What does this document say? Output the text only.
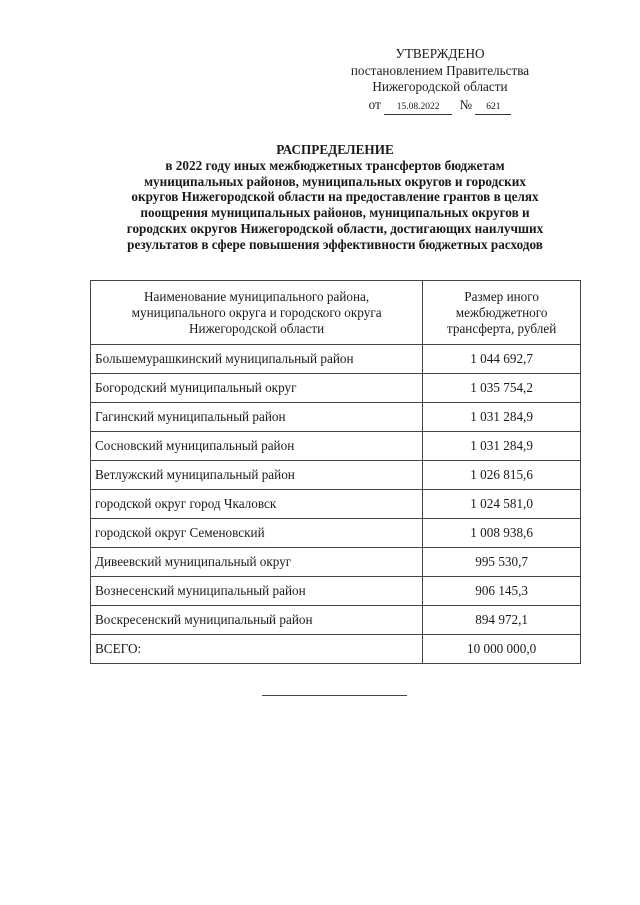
УТВЕРЖДЕНО
постановлением Правительства
Нижегородской области
от 15.08.2022 № 621
РАСПРЕДЕЛЕНИЕ
в 2022 году иных межбюджетных трансфертов бюджетам
муниципальных районов, муниципальных округов и городских
округов Нижегородской области на предоставление грантов в целях
поощрения муниципальных районов, муниципальных округов и
городских округов Нижегородской области, достигающих наилучших
результатов в сфере повышения эффективности бюджетных расходов
Наименование муниципального района,
муниципального округа и городского округа
Нижегородской области	Размер иного
межбюджетного
трансферта, рублей
Большемурашкинский муниципальный район	1 044 692,7
Богородский муниципальный округ	1 035 754,2
Гагинский муниципальный район	1 031 284,9
Сосновский муниципальный район	1 031 284,9
Ветлужский муниципальный район	1 026 815,6
городской округ город Чкаловск	1 024 581,0
городской округ Семеновский	1 008 938,6
Дивеевский муниципальный округ	995 530,7
Вознесенский муниципальный район	906 145,3
Воскресенский муниципальный район	894 972,1
ВСЕГО:	10 000 000,0
